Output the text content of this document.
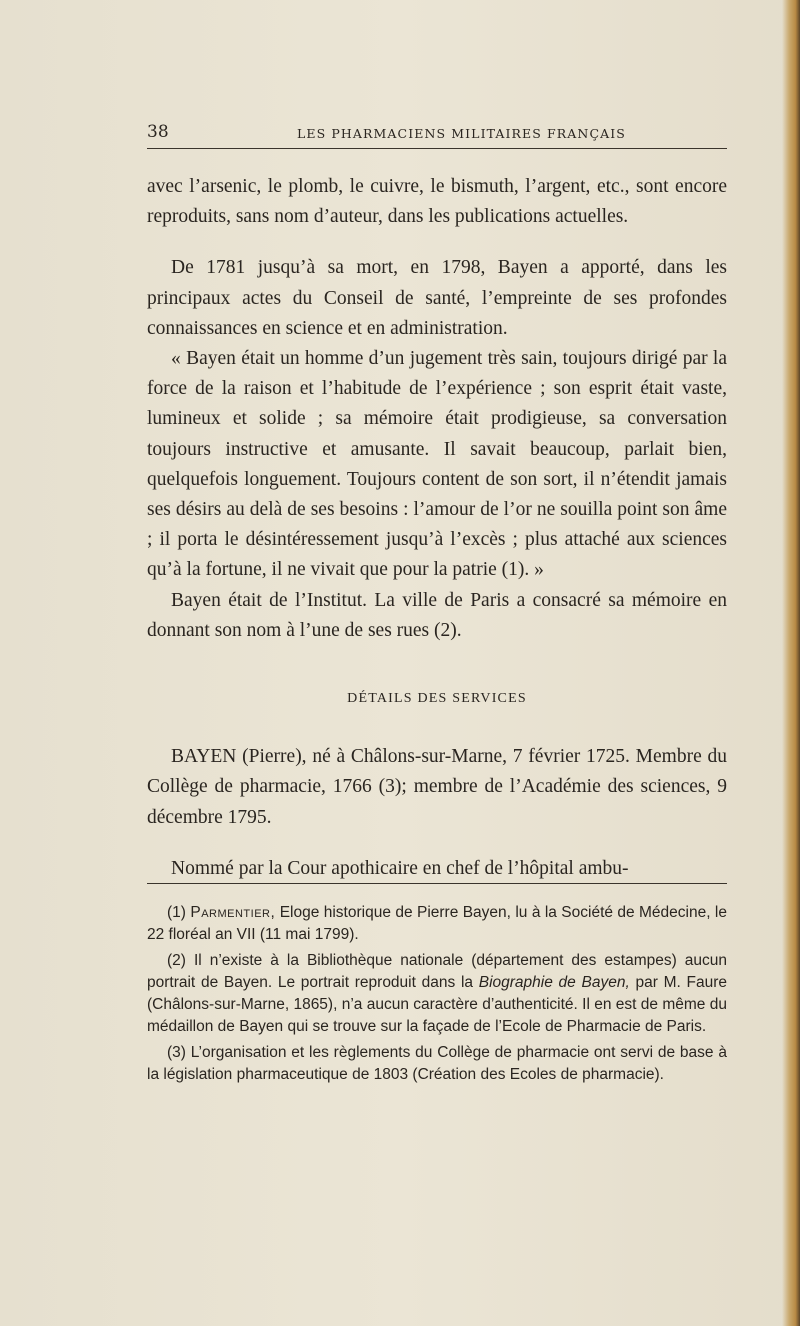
38	LES PHARMACIENS MILITAIRES FRANÇAIS

avec l’arsenic, le plomb, le cuivre, le bismuth, l’argent, etc., sont encore reproduits, sans nom d’auteur, dans les publications actuelles.

De 1781 jusqu’à sa mort, en 1798, Bayen a apporté, dans les principaux actes du Conseil de santé, l’empreinte de ses profondes connaissances en science et en administration.

« Bayen était un homme d’un jugement très sain, toujours dirigé par la force de la raison et l’habitude de l’expérience ; son esprit était vaste, lumineux et solide ; sa mémoire était prodigieuse, sa conversation toujours instructive et amusante. Il savait beaucoup, parlait bien, quelquefois longuement. Toujours content de son sort, il n’étendit jamais ses désirs au delà de ses besoins : l’amour de l’or ne souilla point son âme ; il porta le désintéressement jusqu’à l’excès ; plus attaché aux sciences qu’à la fortune, il ne vivait que pour la patrie (1). »

Bayen était de l’Institut. La ville de Paris a consacré sa mémoire en donnant son nom à l’une de ses rues (2).

DÉTAILS DES SERVICES

BAYEN (Pierre), né à Châlons-sur-Marne, 7 février 1725. Membre du Collège de pharmacie, 1766 (3); membre de l’Académie des sciences, 9 décembre 1795.

Nommé par la Cour apothicaire en chef de l’hôpital ambu-

(1) Parmentier, Eloge historique de Pierre Bayen, lu à la Société de Médecine, le 22 floréal an VII (11 mai 1799).

(2) Il n’existe à la Bibliothèque nationale (département des estampes) aucun portrait de Bayen. Le portrait reproduit dans la Biographie de Bayen, par M. Faure (Châlons-sur-Marne, 1865), n’a aucun caractère d’authenticité. Il en est de même du médaillon de Bayen qui se trouve sur la façade de l’Ecole de Pharmacie de Paris.

(3) L’organisation et les règlements du Collège de pharmacie ont servi de base à la législation pharmaceutique de 1803 (Création des Ecoles de pharmacie).
